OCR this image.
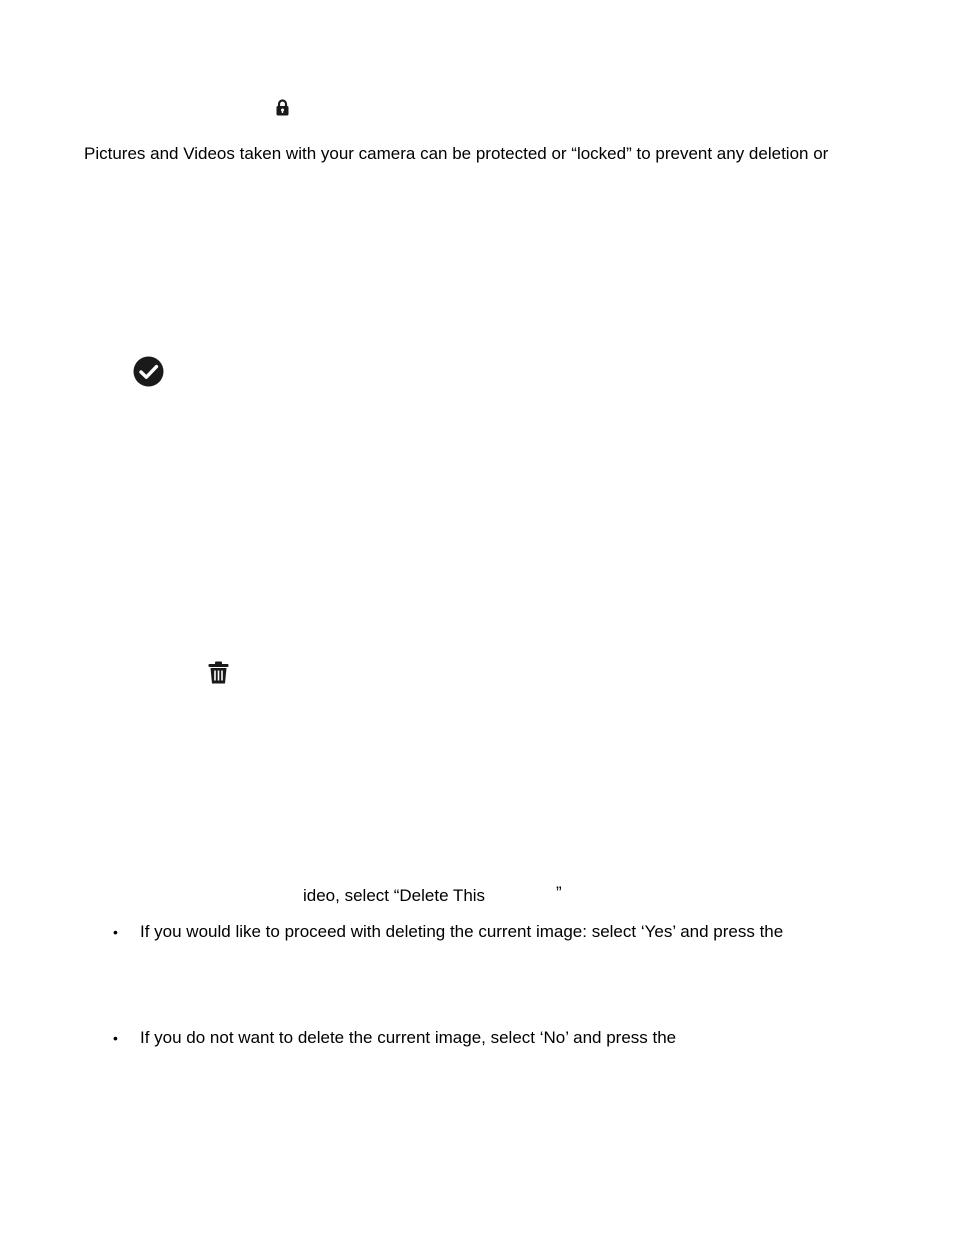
Pictures and Videos taken with your camera can be protected or “locked” to prevent any deletion or
ideo, select “Delete This	”
• If you would like to proceed with deleting the current image: select ‘Yes’ and press the
• If you do not want to delete the current image, select ‘No’ and press the
